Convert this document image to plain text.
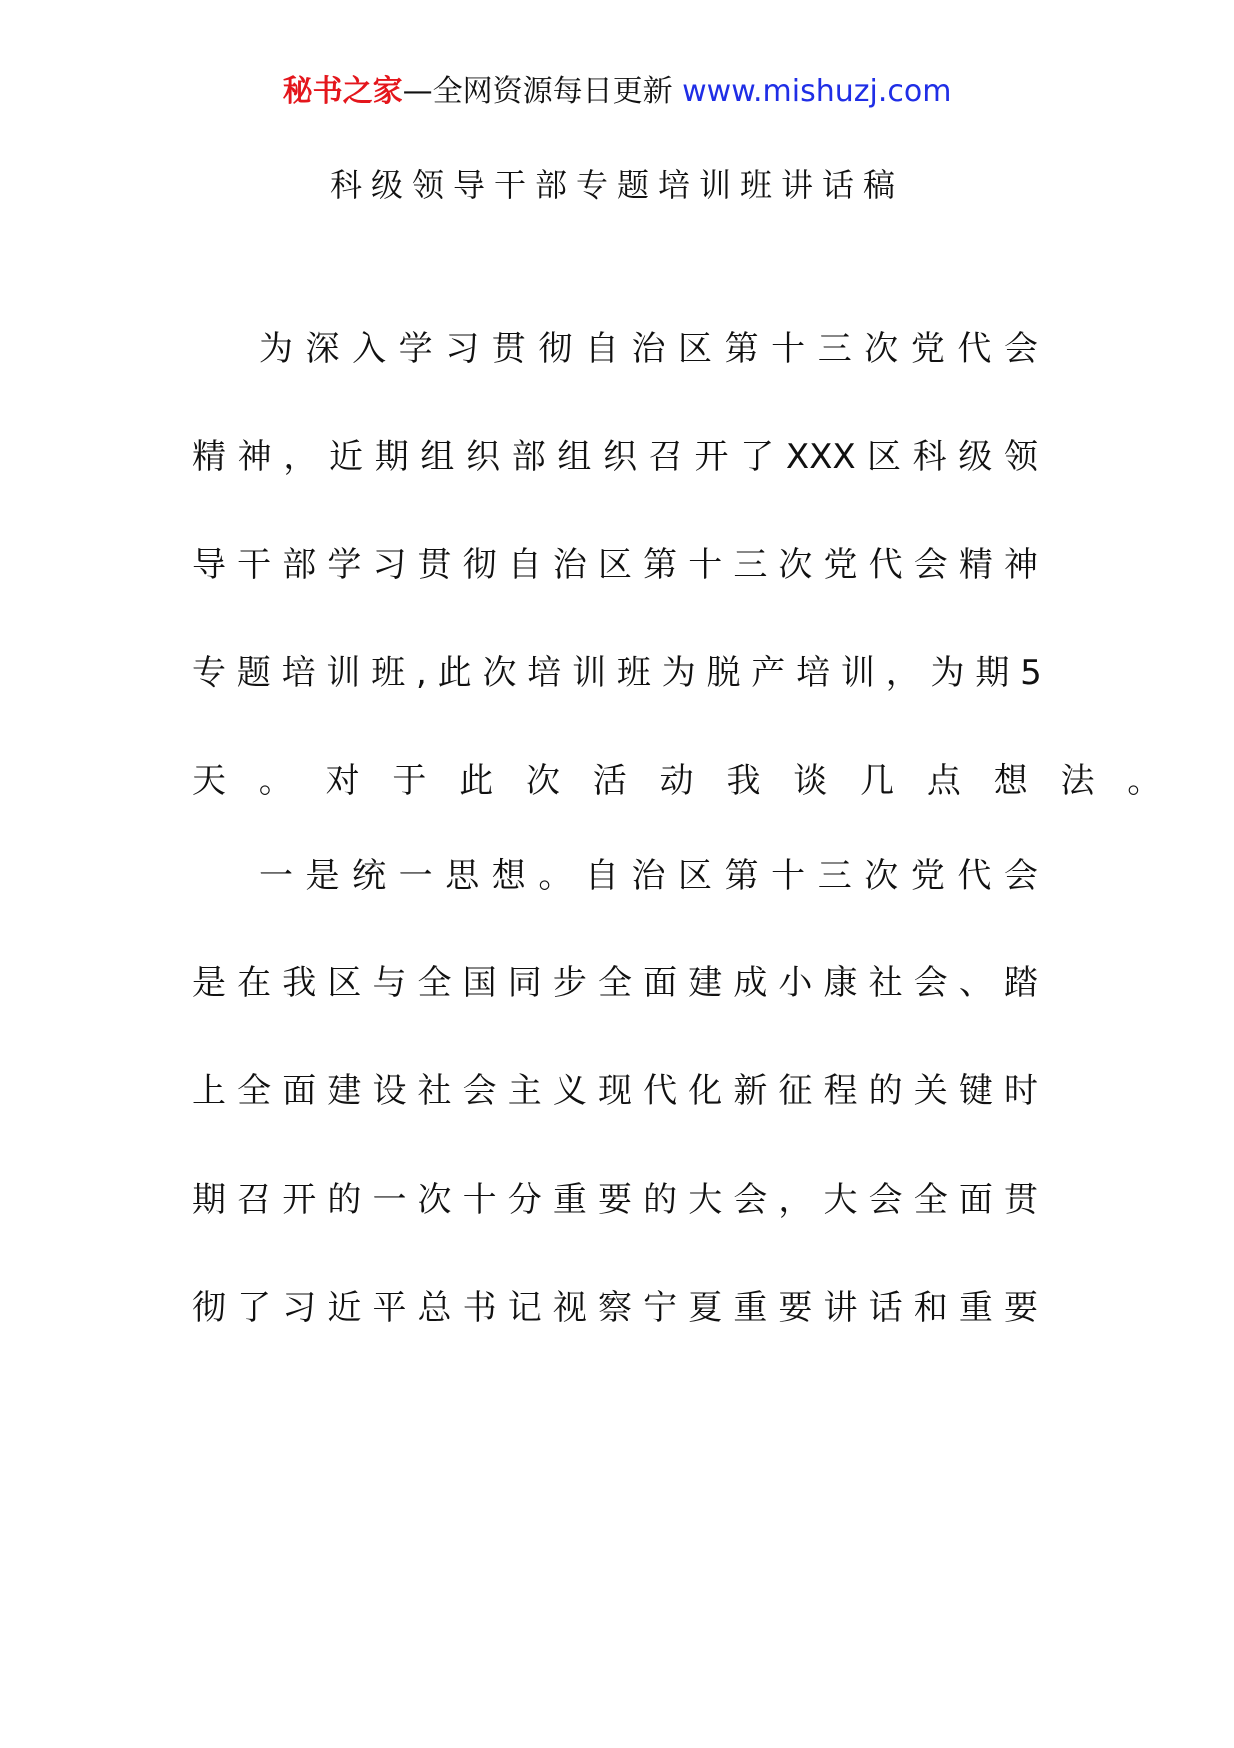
秘书之家—全网资源每日更新 www.mishuzj.com
科级领导干部专题培训班讲话稿
为 深 入 学 习 贯 彻 自 治 区 第 十 三 次 党 代 会
精 神 ， 近 期 组 织 部 组 织 召 开 了 XXX 区 科 级 领
导 干 部 学 习 贯 彻 自 治 区 第 十 三 次 党 代 会 精 神
专 题 培 训 班 , 此 次 培 训 班 为 脱 产 培 训 ， 为 期 5
天 。 对 于 此 次 活 动 我 谈 几 点 想 法 。
一 是 统 一 思 想 。 自 治 区 第 十 三 次 党 代 会
是 在 我 区 与 全 国 同 步 全 面 建 成 小 康 社 会 、 踏
上 全 面 建 设 社 会 主 义 现 代 化 新 征 程 的 关 键 时
期 召 开 的 一 次 十 分 重 要 的 大 会 ， 大 会 全 面 贯
彻 了 习 近 平 总 书 记 视 察 宁 夏 重 要 讲 话 和 重 要
